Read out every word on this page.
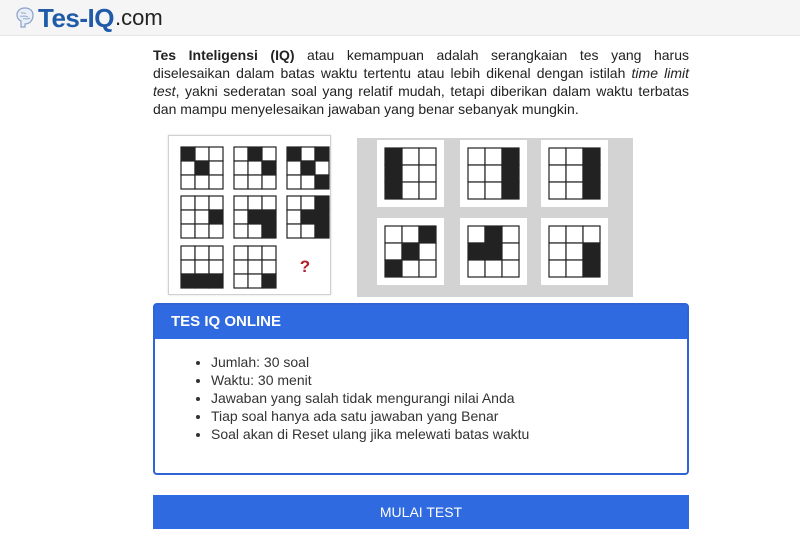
Tes-IQ .com

Tes Inteligensi (IQ) atau kemampuan adalah serangkaian tes yang harus diselesaikan dalam batas waktu tertentu atau lebih dikenal dengan istilah time limit test, yakni sederatan soal yang relatif mudah, tetapi diberikan dalam waktu terbatas dan mampu menyelesaikan jawaban yang benar sebanyak mungkin.

?
TES IQ ONLINE
• Jumlah: 30 soal
• Waktu: 30 menit
• Jawaban yang salah tidak mengurangi nilai Anda
• Tiap soal hanya ada satu jawaban yang Benar
• Soal akan di Reset ulang jika melewati batas waktu
MULAI TEST
